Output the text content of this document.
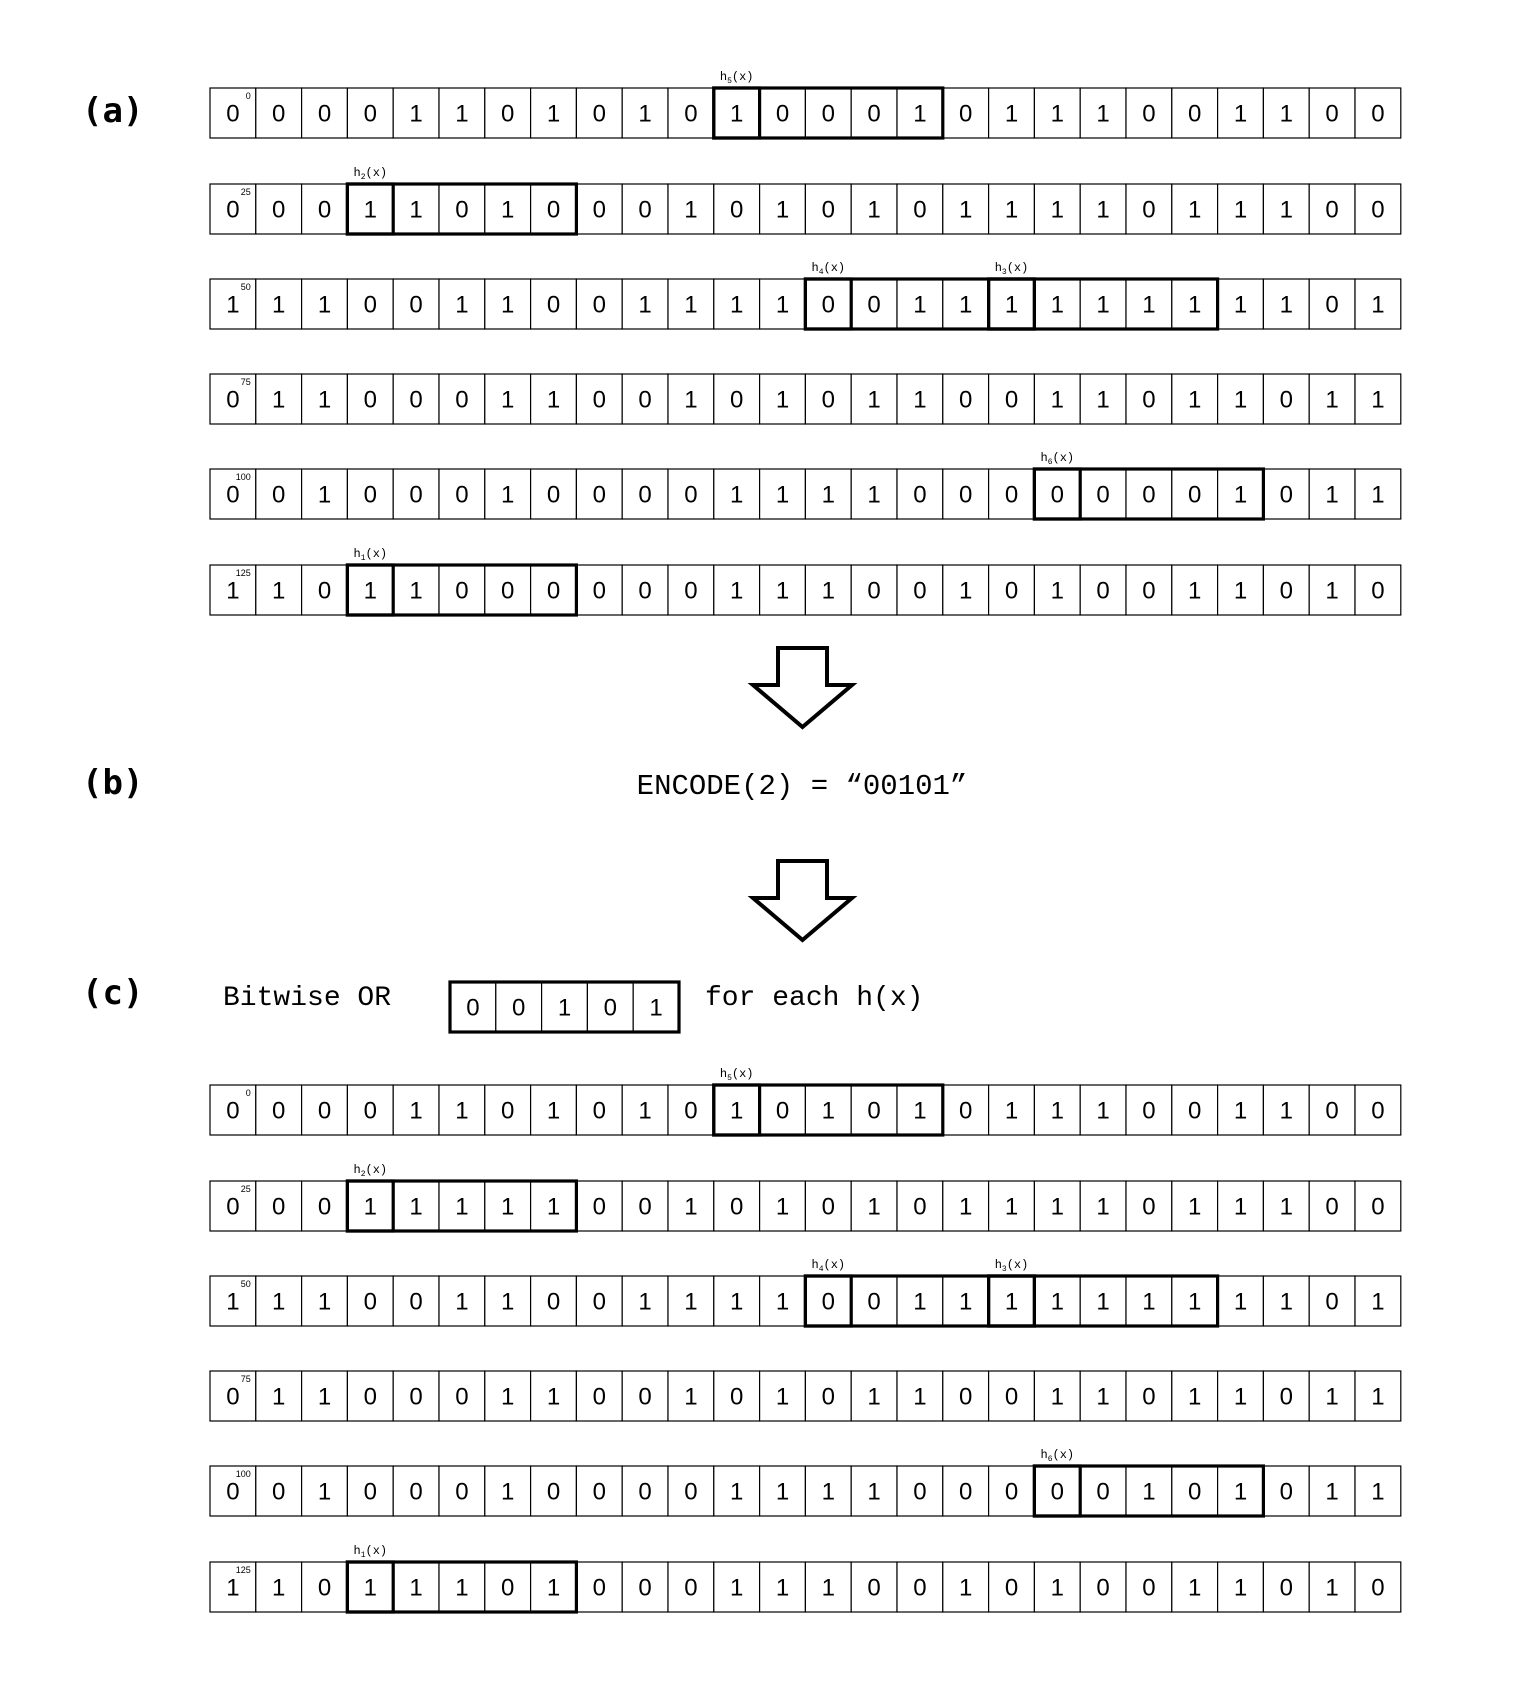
(a)
(b)
(c)
0 0 0 0 1 1 0 1 0 1 0 1 0 0 0 1 0 1 1 1 0 0 1 1 0 0
0
0 0 0 1 1 0 1 0 0 0 1 0 1 0 1 0 1 1 1 1 0 1 1 1 0 0
25
1 1 1 0 0 1 1 0 0 1 1 1 1 0 0 1 1 1 1 1 1 1 1 1 0 1
50
0 1 1 0 0 0 1 1 0 0 1 0 1 0 1 1 0 0 1 1 0 1 1 0 1 1
75
0 0 1 0 0 0 1 0 0 0 0 1 1 1 1 0 0 0 0 0 0 0 1 0 1 1
100
1 1 0 1 1 0 0 0 0 0 0 1 1 1 0 0 1 0 1 0 0 1 1 0 1 0
125
$h_5(x)$
$h_2(x)$
$h_4(x)$	$h_3(x)$
$h_6(x)$
$h_1(x)$
ENCODE(2) = “00101”
Bitwise OR	0 0 1 0 1 for each h(x)
0 0 0 0 1 1 0 1 0 1 0 1 0 1 0 1 0 1 1 1 0 0 1 1 0 0
0
0 0 0 1 1 1 1 1 0 0 1 0 1 0 1 0 1 1 1 1 0 1 1 1 0 0
25
1 1 1 0 0 1 1 0 0 1 1 1 1 0 0 1 1 1 1 1 1 1 1 1 0 1
50
0 1 1 0 0 0 1 1 0 0 1 0 1 0 1 1 0 0 1 1 0 1 1 0 1 1
75
0 0 1 0 0 0 1 0 0 0 0 1 1 1 1 0 0 0 0 0 1 0 1 0 1 1
100
1 1 0 1 1 1 0 1 0 0 0 1 1 1 0 0 1 0 1 0 0 1 1 0 1 0
125
$h_5(x)$
$h_2(x)$
$h_4(x)$	$h_3(x)$
$h_6(x)$
$h_1(x)$
